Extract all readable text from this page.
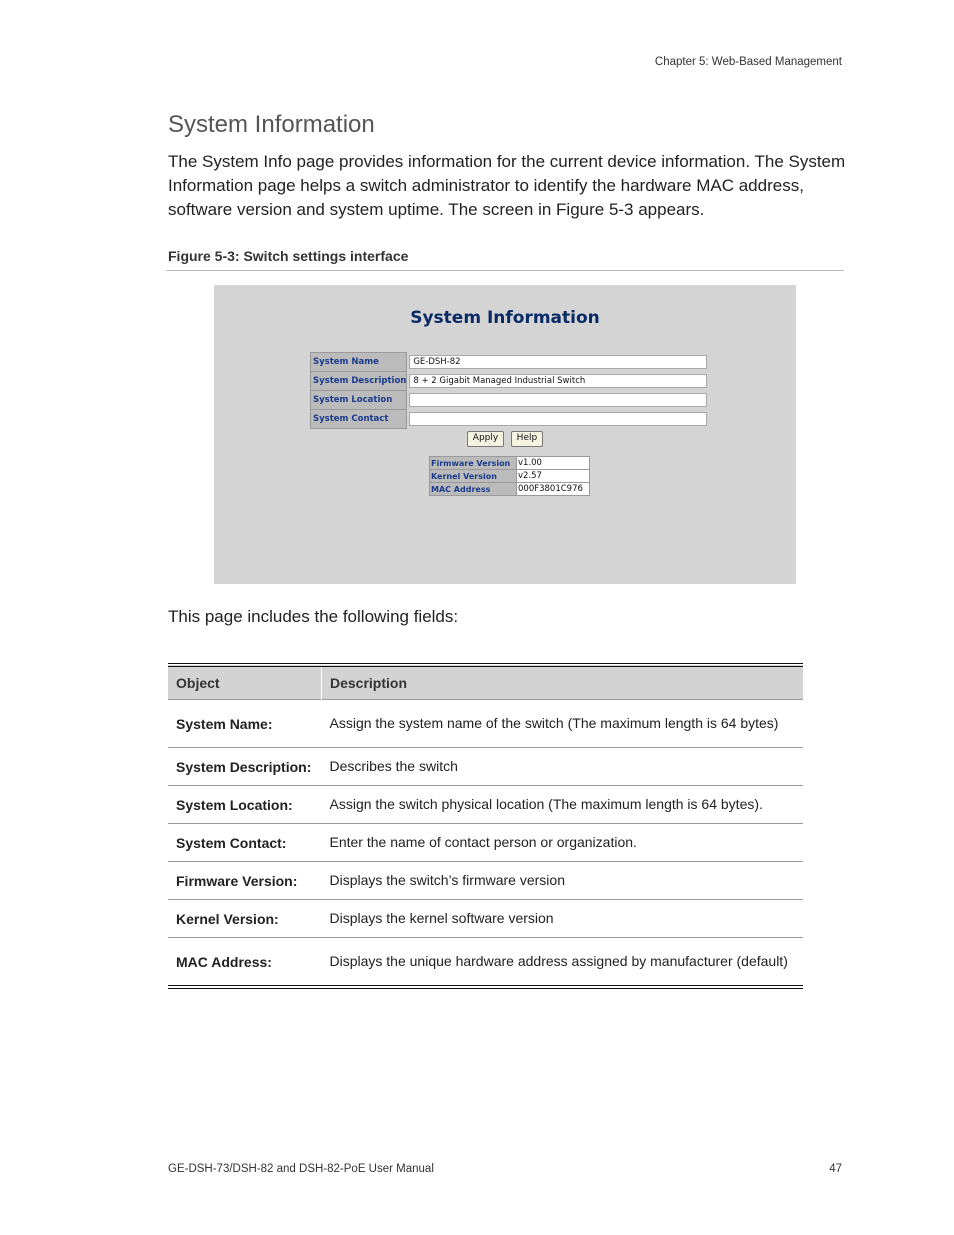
Chapter 5: Web-Based Management
System Information

The System Info page provides information for the current device information. The System Information page helps a switch administrator to identify the hardware MAC address, software version and system uptime. The screen in Figure 5-3 appears.

Figure 5-3: Switch settings interface

System Information
System Name	GE-DSH-82

System Description	8 + 2 Gigabit Managed Industrial Switch

System Location	

System Contact	
Apply Help
Firmware Version	v1.00
Kernel Version	v2.57
MAC Address	000F3801C976

This page includes the following fields:

Object	Description
System Name:	Assign the system name of the switch (The maximum length is 64 bytes)
System Description:	Describes the switch
System Location:	Assign the switch physical location (The maximum length is 64 bytes).
System Contact:	Enter the name of contact person or organization.
Firmware Version:	Displays the switch’s firmware version
Kernel Version:	Displays the kernel software version
MAC Address:	Displays the unique hardware address assigned by manufacturer (default)
GE-DSH-73/DSH-82 and DSH-82-PoE User Manual	47
